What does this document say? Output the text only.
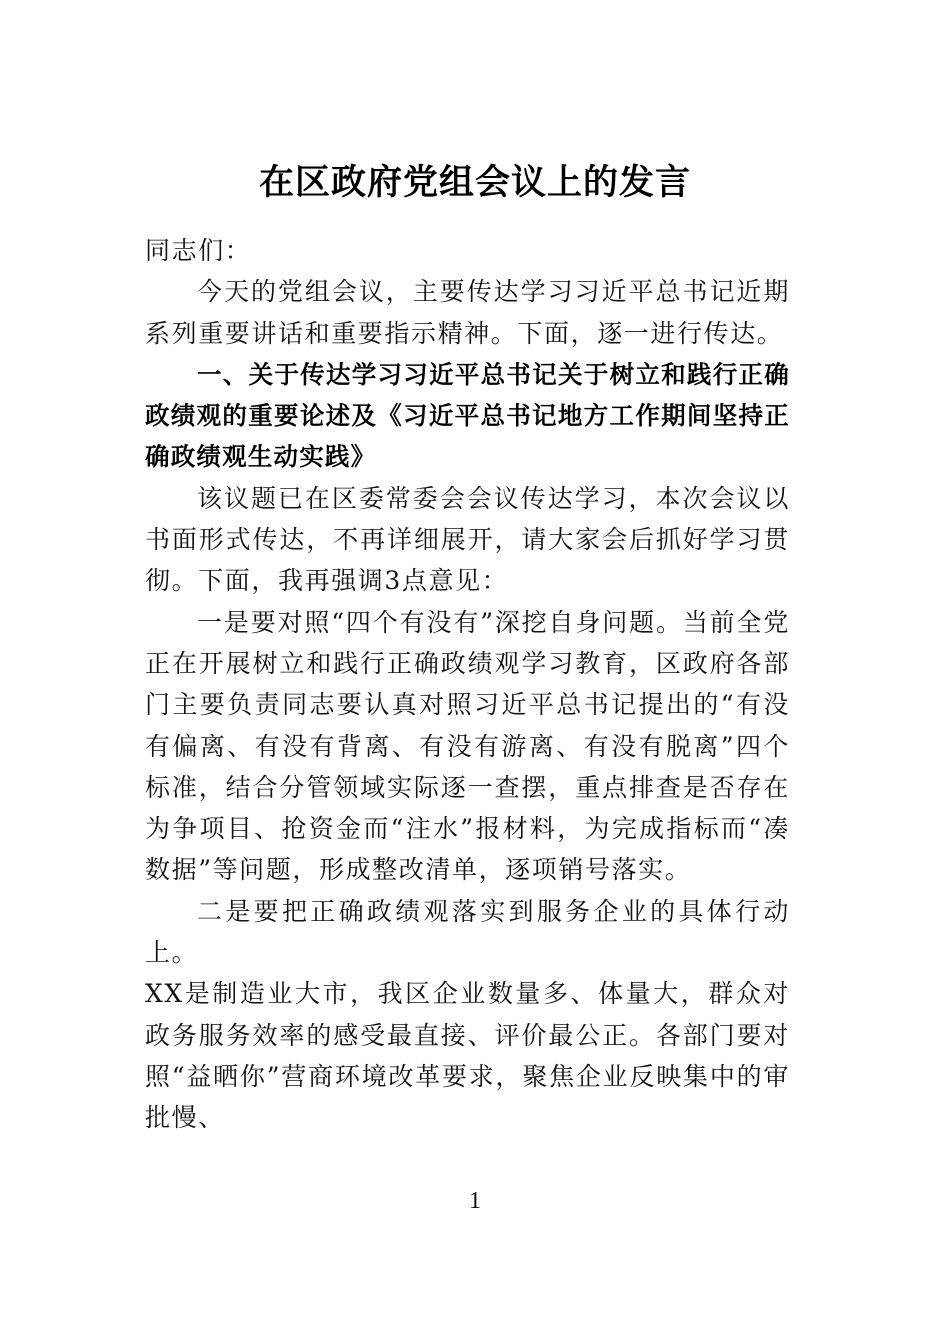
在区政府党组会议上的发言

同志们：

今天的党组会议，主要传达学习习近平总书记近期系列重要讲话和重要指示精神。下面，逐一进行传达。

一、关于传达学习习近平总书记关于树立和践行正确政绩观的重要论述及《习近平总书记地方工作期间坚持正确政绩观生动实践》

该议题已在区委常委会会议传达学习，本次会议以书面形式传达，不再详细展开，请大家会后抓好学习贯彻。下面，我再强调3点意见：

一是要对照“四个有没有”深挖自身问题。当前全党正在开展树立和践行正确政绩观学习教育，区政府各部门主要负责同志要认真对照习近平总书记提出的“有没有偏离、有没有背离、有没有游离、有没有脱离”四个标准，结合分管领域实际逐一查摆，重点排查是否存在为争项目、抢资金而“注水”报材料，为完成指标而“凑数据”等问题，形成整改清单，逐项销号落实。

二是要把正确政绩观落实到服务企业的具体行动上。

XX是制造业大市，我区企业数量多、体量大，群众对政务服务效率的感受最直接、评价最公正。各部门要对照“益晒你”营商环境改革要求，聚焦企业反映集中的审批慢、

1
